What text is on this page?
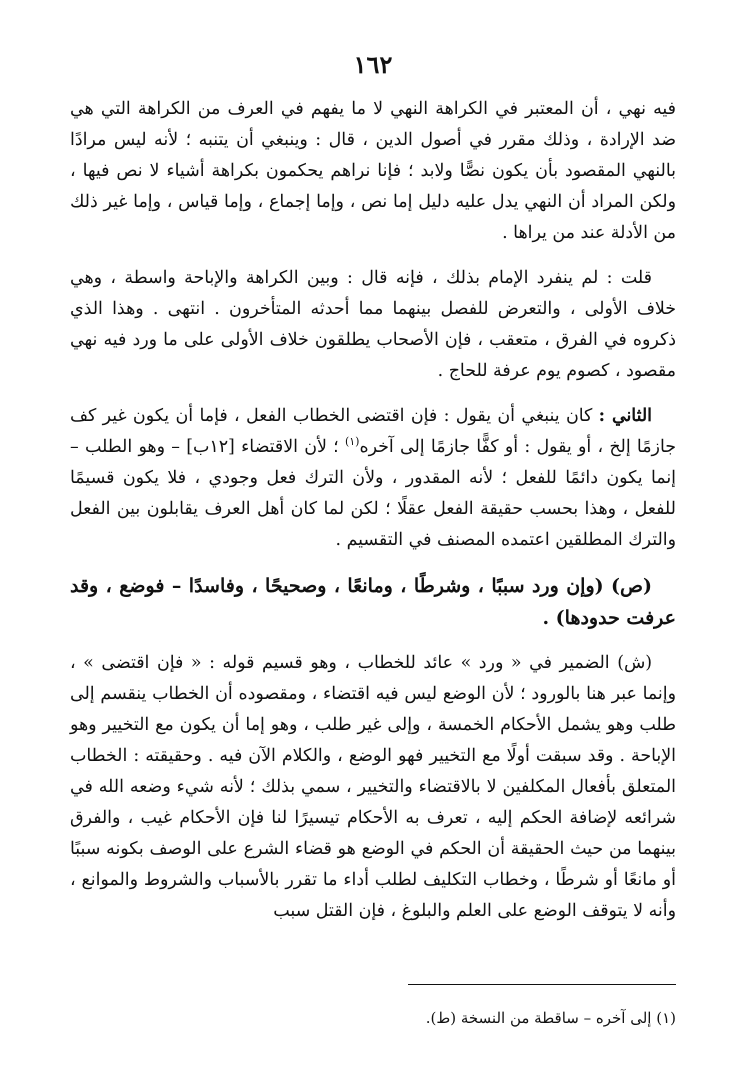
١٦٢

فيه نهي ، أن المعتبر في الكراهة النهي لا ما يفهم في العرف من الكراهة التي هي ضد الإرادة ، وذلك مقرر في أصول الدين ، قال : وينبغي أن يتنبه ؛ لأنه ليس مرادًا بالنهي المقصود بأن يكون نصًّا ولابد ؛ فإنا نراهم يحكمون بكراهة أشياء لا نص فيها ، ولكن المراد أن النهي يدل عليه دليل إما نص ، وإما إجماع ، وإما قياس ، وإما غير ذلك من الأدلة عند من يراها .

قلت : لم ينفرد الإمام بذلك ، فإنه قال : وبين الكراهة والإباحة واسطة ، وهي خلاف الأولى ، والتعرض للفصل بينهما مما أحدثه المتأخرون . انتهى . وهذا الذي ذكروه في الفرق ، متعقب ، فإن الأصحاب يطلقون خلاف الأولى على ما ورد فيه نهي مقصود ، كصوم يوم عرفة للحاج .

الثاني : كان ينبغي أن يقول : فإن اقتضى الخطاب الفعل ، فإما أن يكون غير كف جازمًا إلخ ، أو يقول : أو كفًّا جازمًا إلى آخره$^{(١)}$ ؛ لأن الاقتضاء [١٢ب] – وهو الطلب – إنما يكون دائمًا للفعل ؛ لأنه المقدور ، ولأن الترك فعل وجودي ، فلا يكون قسيمًا للفعل ، وهذا بحسب حقيقة الفعل عقلًا ؛ لكن لما كان أهل العرف يقابلون بين الفعل والترك المطلقين اعتمده المصنف في التقسيم .

(ص) (وإن ورد سببًا ، وشرطًا ، ومانعًا ، وصحيحًا ، وفاسدًا – فوضع ، وقد عرفت حدودها) .

(ش) الضمير في « ورد » عائد للخطاب ، وهو قسيم قوله : « فإن اقتضى » ، وإنما عبر هنا بالورود ؛ لأن الوضع ليس فيه اقتضاء ، ومقصوده أن الخطاب ينقسم إلى طلب وهو يشمل الأحكام الخمسة ، وإلى غير طلب ، وهو إما أن يكون مع التخيير وهو الإباحة . وقد سبقت أولًا مع التخيير فهو الوضع ، والكلام الآن فيه . وحقيقته : الخطاب المتعلق بأفعال المكلفين لا بالاقتضاء والتخيير ، سمي بذلك ؛ لأنه شيء وضعه الله في شرائعه لإضافة الحكم إليه ، تعرف به الأحكام تيسيرًا لنا فإن الأحكام غيب ، والفرق بينهما من حيث الحقيقة أن الحكم في الوضع هو قضاء الشرع على الوصف بكونه سببًا أو مانعًا أو شرطًا ، وخطاب التكليف لطلب أداء ما تقرر بالأسباب والشروط والموانع ، وأنه لا يتوقف الوضع على العلم والبلوغ ، فإن القتل سبب

(١) إلى آخره – ساقطة من النسخة (ط).
